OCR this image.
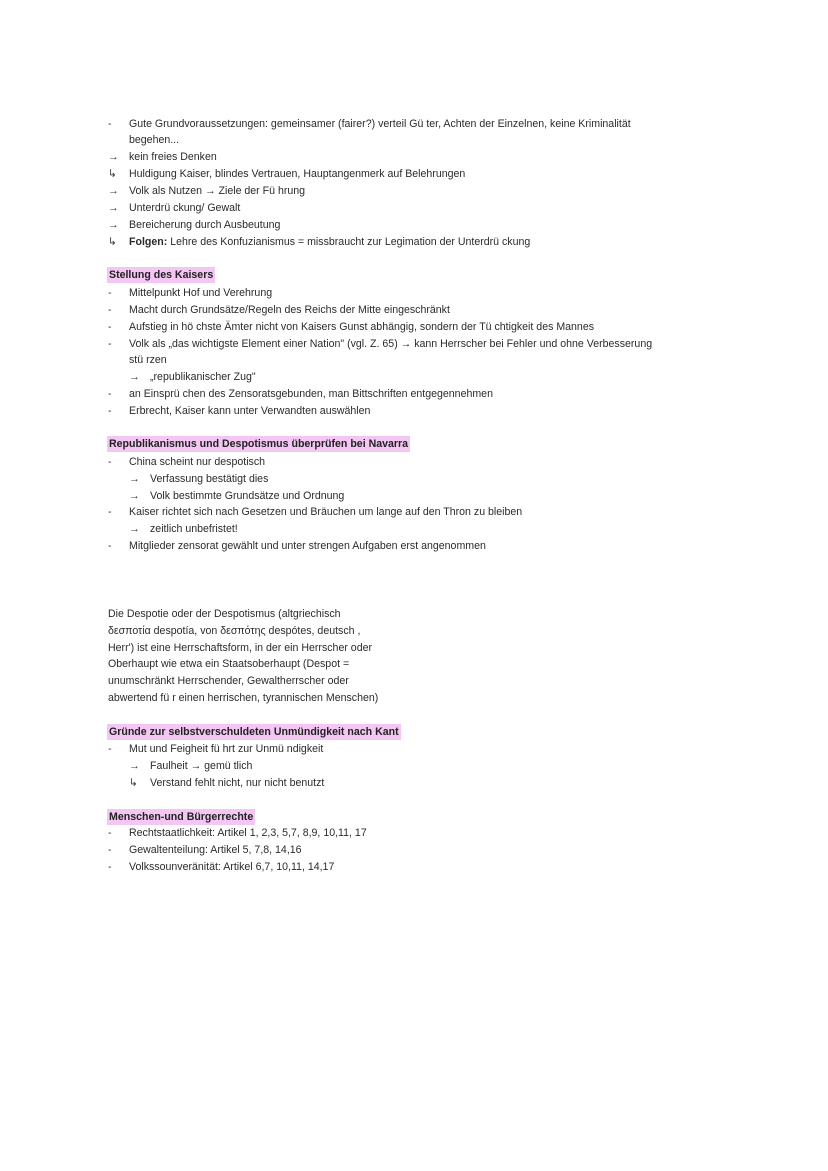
-	Gute Grundvoraussetzungen: gemeinsamer (fairer?) verteil Gü ter, Achten der Einzelnen, keine Kriminalität
begehen...
→ kein freies Denken
↳	Huldigung Kaiser, blindes Vertrauen, Hauptangenmerk auf Belehrungen
→ Volk als Nutzen → Ziele der Fü hrung
→ Unterdrü ckung/ Gewalt
→ Bereicherung durch Ausbeutung
↳	Folgen: Lehre des Konfuzianismus = missbraucht zur Legimation der Unterdrü ckung
Stellung des Kaisers
-	Mittelpunkt Hof und Verehrung
-	Macht durch Grundsätze/Regeln des Reichs der Mitte eingeschränkt
-	Aufstieg in hö chste Ämter nicht von Kaisers Gunst abhängig, sondern der Tü chtigkeit des Mannes
-	Volk als „das wichtigste Element einer Nation" (vgl. Z. 65) → kann Herrscher bei Fehler und ohne Verbesserung
stü rzen
→ „republikanischer Zug"
-	an Einsprü chen des Zensoratsgebunden, man Bittschriften entgegennehmen
-	Erbrecht, Kaiser kann unter Verwandten auswählen
Republikanismus und Despotismus überprüfen bei Navarra
-	China scheint nur despotisch
→ Verfassung bestätigt dies
→ Volk bestimmte Grundsätze und Ordnung
-	Kaiser richtet sich nach Gesetzen und Bräuchen um lange auf den Thron zu bleiben
→ zeitlich unbefristet!
-	Mitglieder zensorat gewählt und unter strengen Aufgaben erst angenommen
Die Despotie oder der Despotismus (altgriechisch
δεσποτία despotía, von δεσπότης despótes, deutsch ,
Herr') ist eine Herrschaftsform, in der ein Herrscher oder
Oberhaupt wie etwa ein Staatsoberhaupt (Despot =
unumschränkt Herrschender, Gewaltherrscher oder
abwertend fü r einen herrischen, tyrannischen Menschen)
Gründe zur selbstverschuldeten Unmündigkeit nach Kant
-	Mut und Feigheit fü hrt zur Unmü ndigkeit
→ Faulheit → gemü tlich
↳	Verstand fehlt nicht, nur nicht benutzt
Menschen-und Bürgerrechte
-	Rechtstaatlichkeit: Artikel 1, 2,3, 5,7, 8,9, 10,11, 17
-	Gewaltenteilung: Artikel 5, 7,8, 14,16
-	Volkssounveränität: Artikel 6,7, 10,11, 14,17
